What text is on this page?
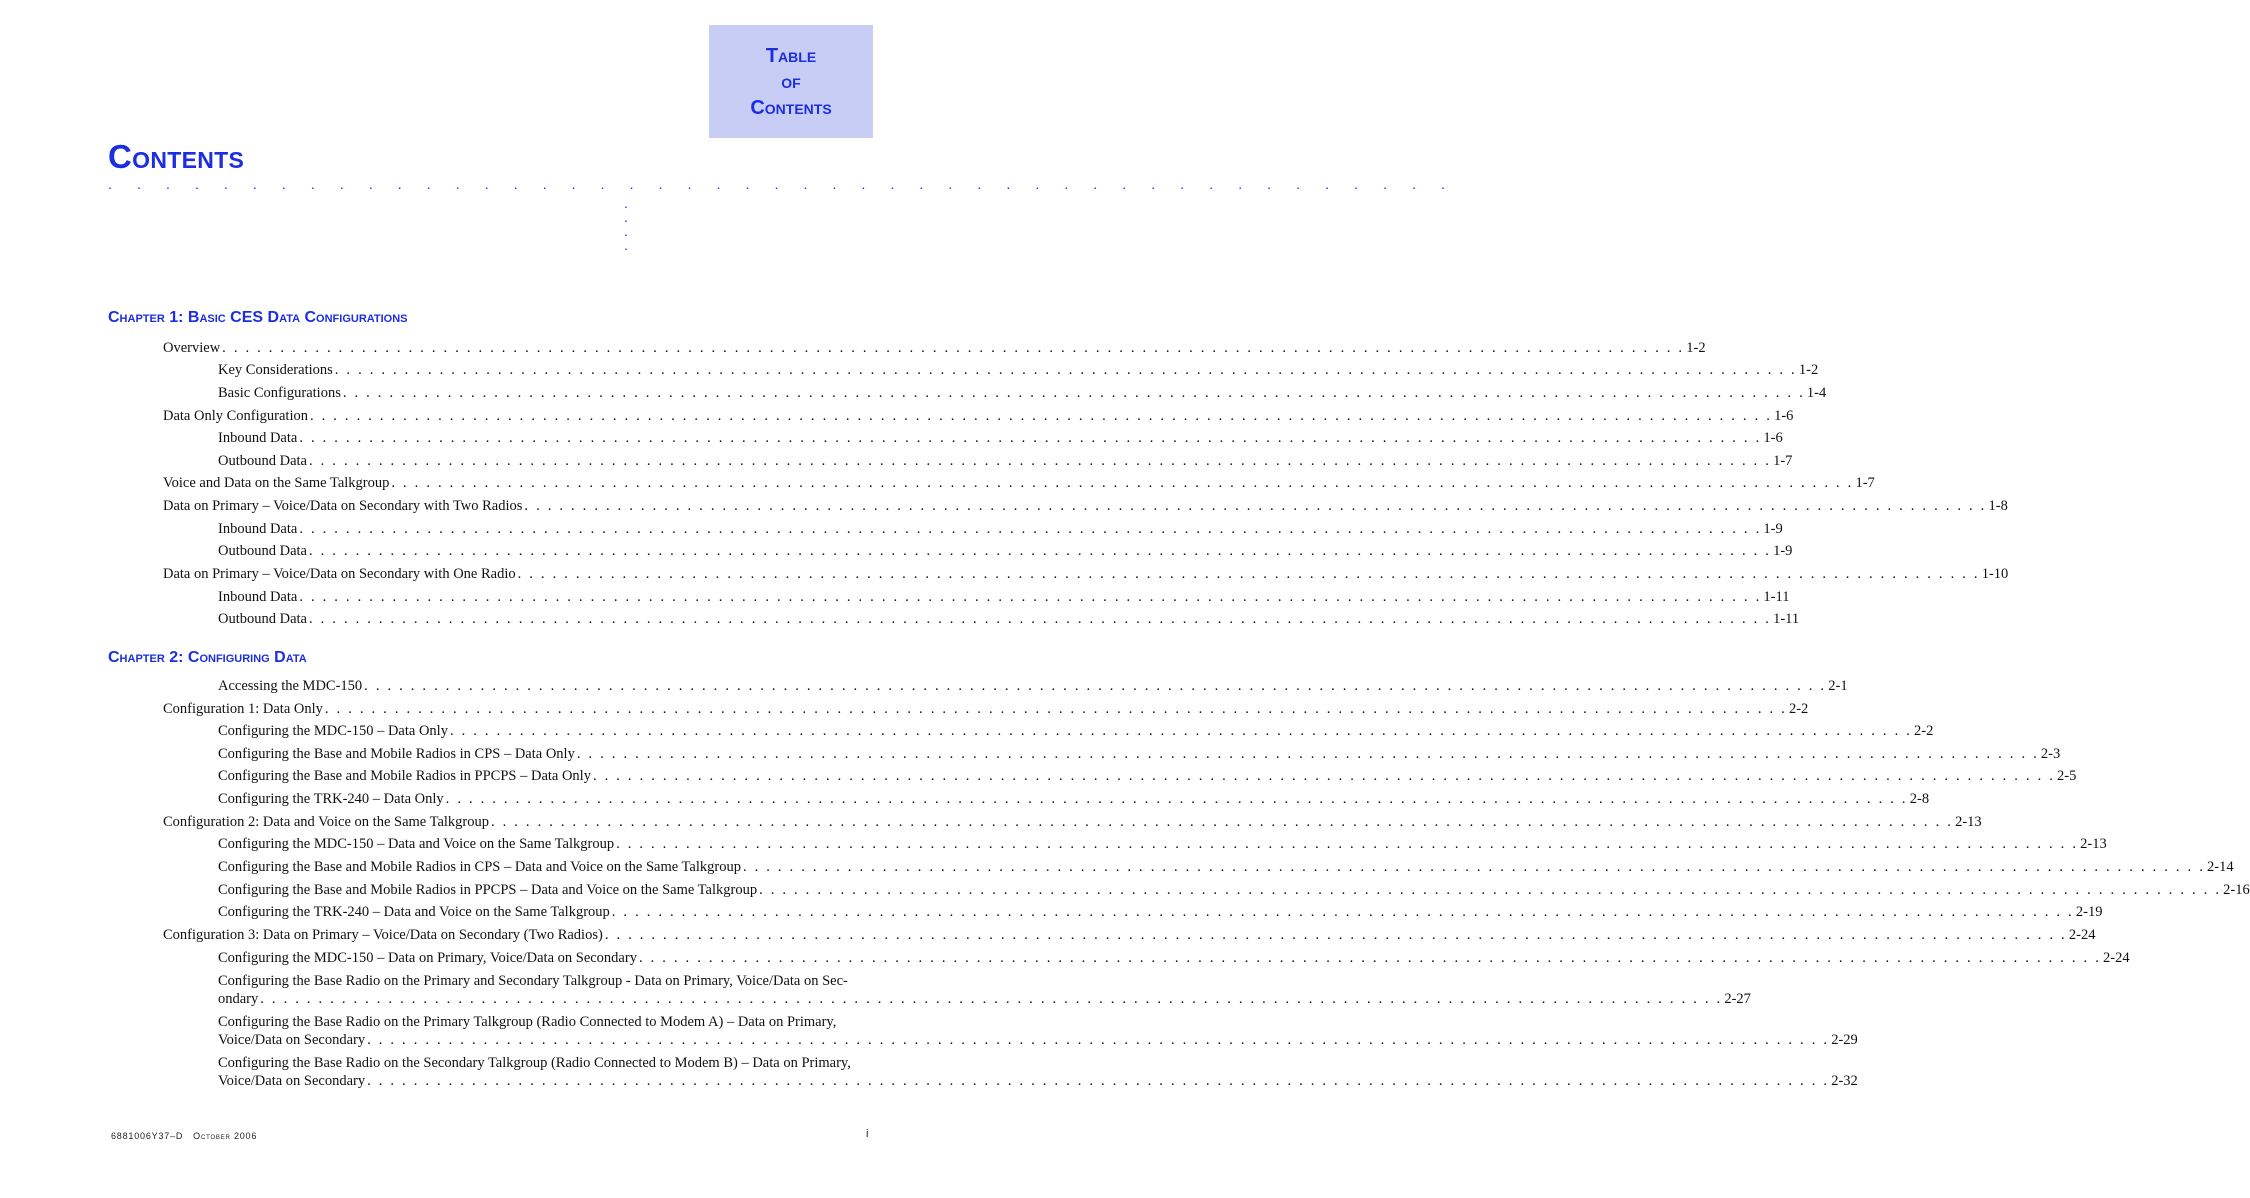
Table
of
Contents
Contents
. . . . . . . . . . . . . . . . . . . . . . . . . . . . . . . . . . . . . . . . . . . . . . .
.
.
.
.
Chapter 1: Basic CES Data Configurations
Overview . . .	1-2
Key Considerations . . .	1-2
Basic Configurations . . .	1-4
Data Only Configuration . . .	1-6
Inbound Data . . .	1-6
Outbound Data . . .	1-7
Voice and Data on the Same Talkgroup . . .	1-7
Data on Primary – Voice/Data on Secondary with Two Radios . . .	1-8
Inbound Data . . .	1-9
Outbound Data . . .	1-9
Data on Primary – Voice/Data on Secondary with One Radio . . .	1-10
Inbound Data . . .	1-11
Outbound Data . . .	1-11
Chapter 2: Configuring Data
Accessing the MDC-150 . . .	2-1
Configuration 1: Data Only . . .	2-2
Configuring the MDC-150 – Data Only . . .	2-2
Configuring the Base and Mobile Radios in CPS – Data Only . . .	2-3
Configuring the Base and Mobile Radios in PPCPS – Data Only . . .	2-5
Configuring the TRK-240 – Data Only . . .	2-8
Configuration 2: Data and Voice on the Same Talkgroup . . .	2-13
Configuring the MDC-150 – Data and Voice on the Same Talkgroup . . .	2-13
Configuring the Base and Mobile Radios in CPS – Data and Voice on the Same Talkgroup . . .	2-14
Configuring the Base and Mobile Radios in PPCPS – Data and Voice on the Same Talkgroup . . .	2-16
Configuring the TRK-240 – Data and Voice on the Same Talkgroup . . .	2-19
Configuration 3: Data on Primary – Voice/Data on Secondary (Two Radios) . . .	2-24
Configuring the MDC-150 – Data on Primary, Voice/Data on Secondary . . .	2-24
Configuring the Base Radio on the Primary and Secondary Talkgroup - Data on Primary, Voice/Data on Sec-
ondary . . .	2-27
Configuring the Base Radio on the Primary Talkgroup (Radio Connected to Modem A) – Data on Primary,
Voice/Data on Secondary . . .	2-29
Configuring the Base Radio on the Secondary Talkgroup (Radio Connected to Modem B) – Data on Primary,
Voice/Data on Secondary . . .	2-32
6881006Y37–D October 2006	i
